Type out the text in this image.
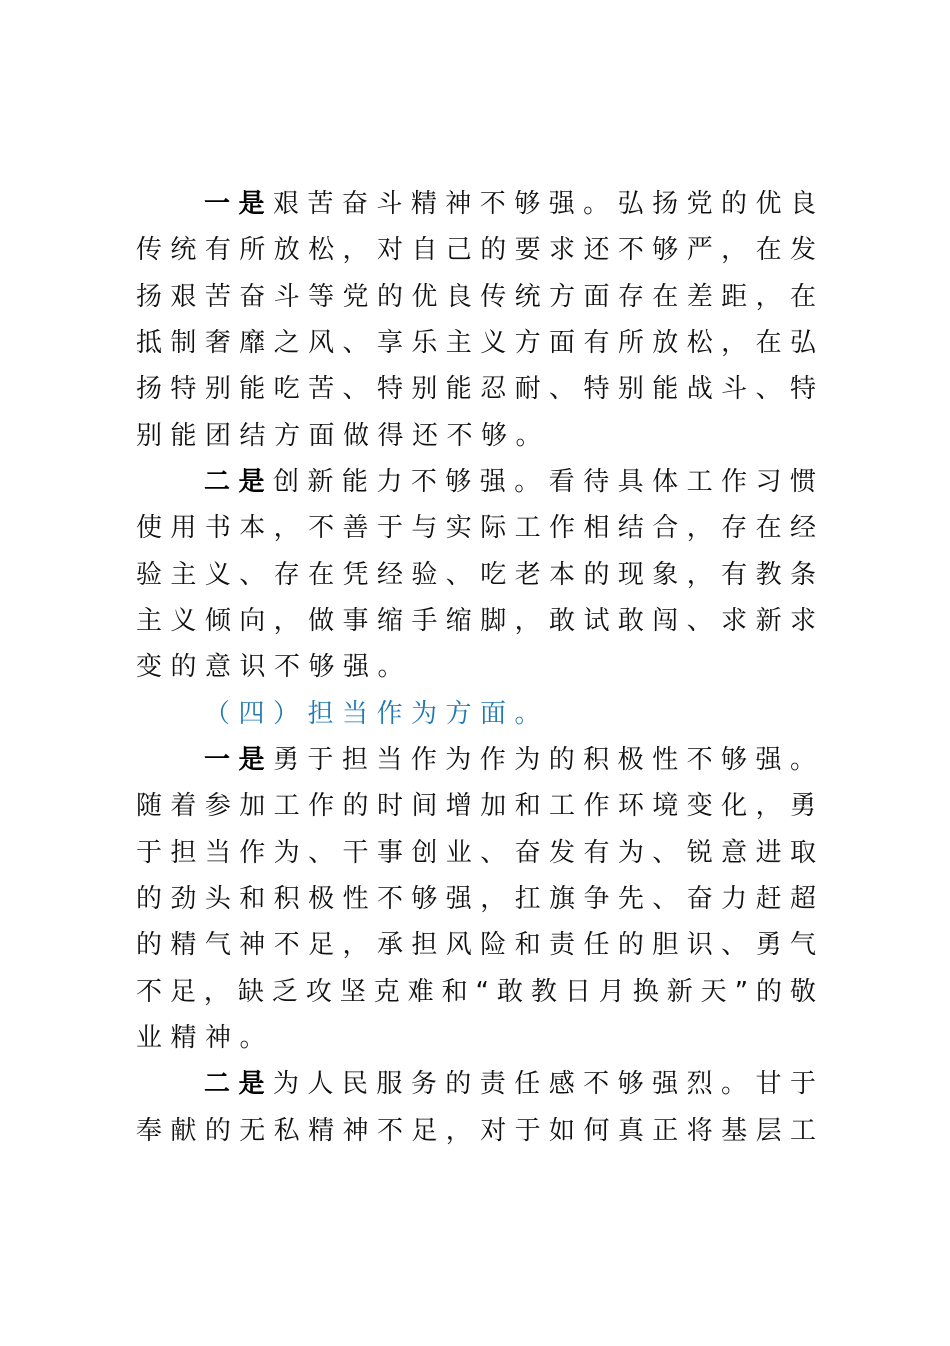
一是艰苦奋斗精神不够强。弘扬党的优良
传统有所放松，对自己的要求还不够严，在发
扬艰苦奋斗等党的优良传统方面存在差距，在
抵制奢靡之风、享乐主义方面有所放松，在弘
扬特别能吃苦、特别能忍耐、特别能战斗、特
别能团结方面做得还不够。
二是创新能力不够强。看待具体工作习惯
使用书本，不善于与实际工作相结合，存在经
验主义、存在凭经验、吃老本的现象，有教条
主义倾向，做事缩手缩脚，敢试敢闯、求新求
变的意识不够强。
（四）担当作为方面。
一是勇于担当作为作为的积极性不够强。
随着参加工作的时间增加和工作环境变化，勇
于担当作为、干事创业、奋发有为、锐意进取
的劲头和积极性不够强，扛旗争先、奋力赶超
的精气神不足，承担风险和责任的胆识、勇气
不足，缺乏攻坚克难和“敢教日月换新天”的敬
业精神。
二是为人民服务的责任感不够强烈。甘于
奉献的无私精神不足，对于如何真正将基层工
